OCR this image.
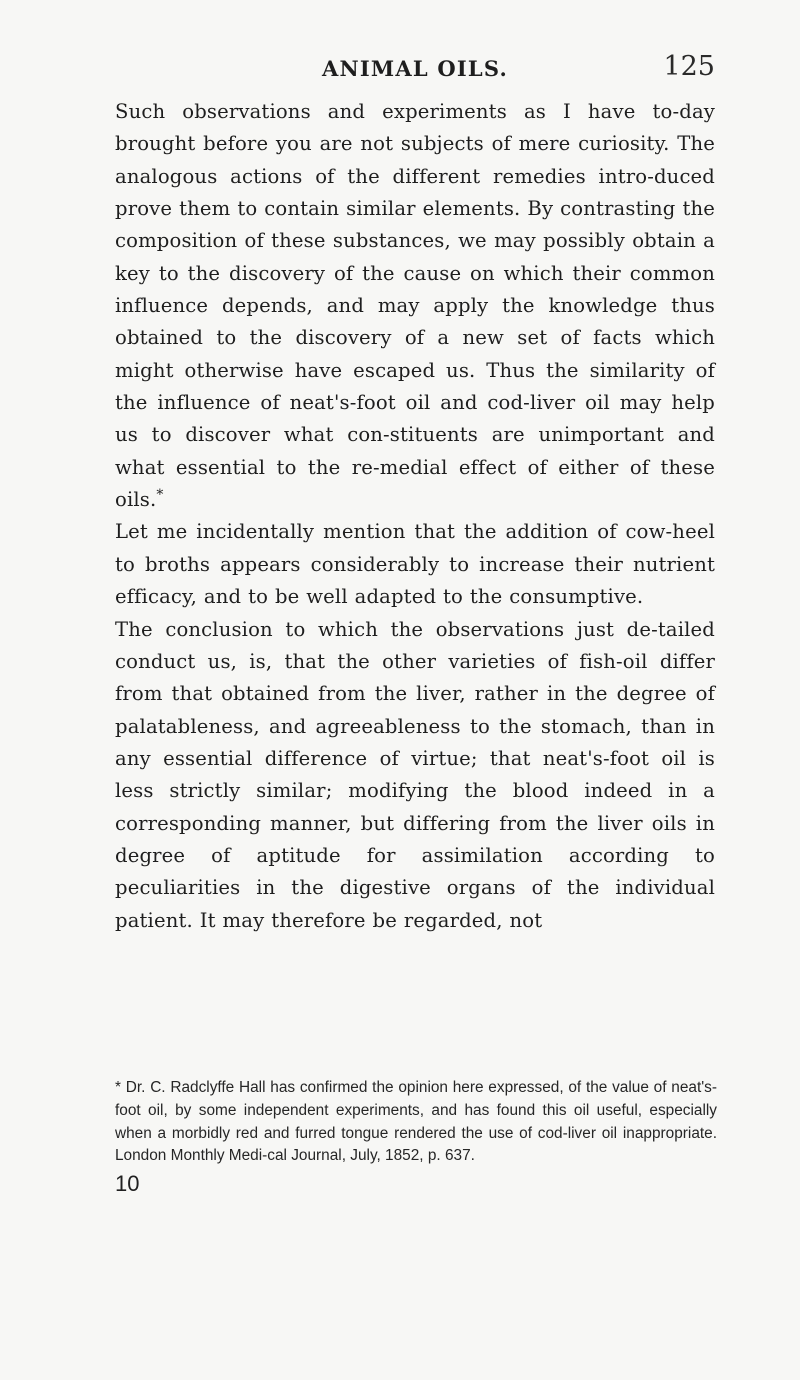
ANIMAL OILS.	125

Such observations and experiments as I have to-day brought before you are not subjects of mere curiosity. The analogous actions of the different remedies intro-duced prove them to contain similar elements. By contrasting the composition of these substances, we may possibly obtain a key to the discovery of the cause on which their common influence depends, and may apply the knowledge thus obtained to the discovery of a new set of facts which might otherwise have escaped us. Thus the similarity of the influence of neat's-foot oil and cod-liver oil may help us to discover what con-stituents are unimportant and what essential to the re-medial effect of either of these oils.*

Let me incidentally mention that the addition of cow-heel to broths appears considerably to increase their nutrient efficacy, and to be well adapted to the consumptive.

The conclusion to which the observations just de-tailed conduct us, is, that the other varieties of fish-oil differ from that obtained from the liver, rather in the degree of palatableness, and agreeableness to the stomach, than in any essential difference of virtue; that neat's-foot oil is less strictly similar; modifying the blood indeed in a corresponding manner, but differing from the liver oils in degree of aptitude for assimilation according to peculiarities in the digestive organs of the individual patient. It may therefore be regarded, not

* Dr. C. Radclyffe Hall has confirmed the opinion here expressed, of the value of neat's-foot oil, by some independent experiments, and has found this oil useful, especially when a morbidly red and furred tongue rendered the use of cod-liver oil inappropriate. London Monthly Medi-cal Journal, July, 1852, p. 637.

10
